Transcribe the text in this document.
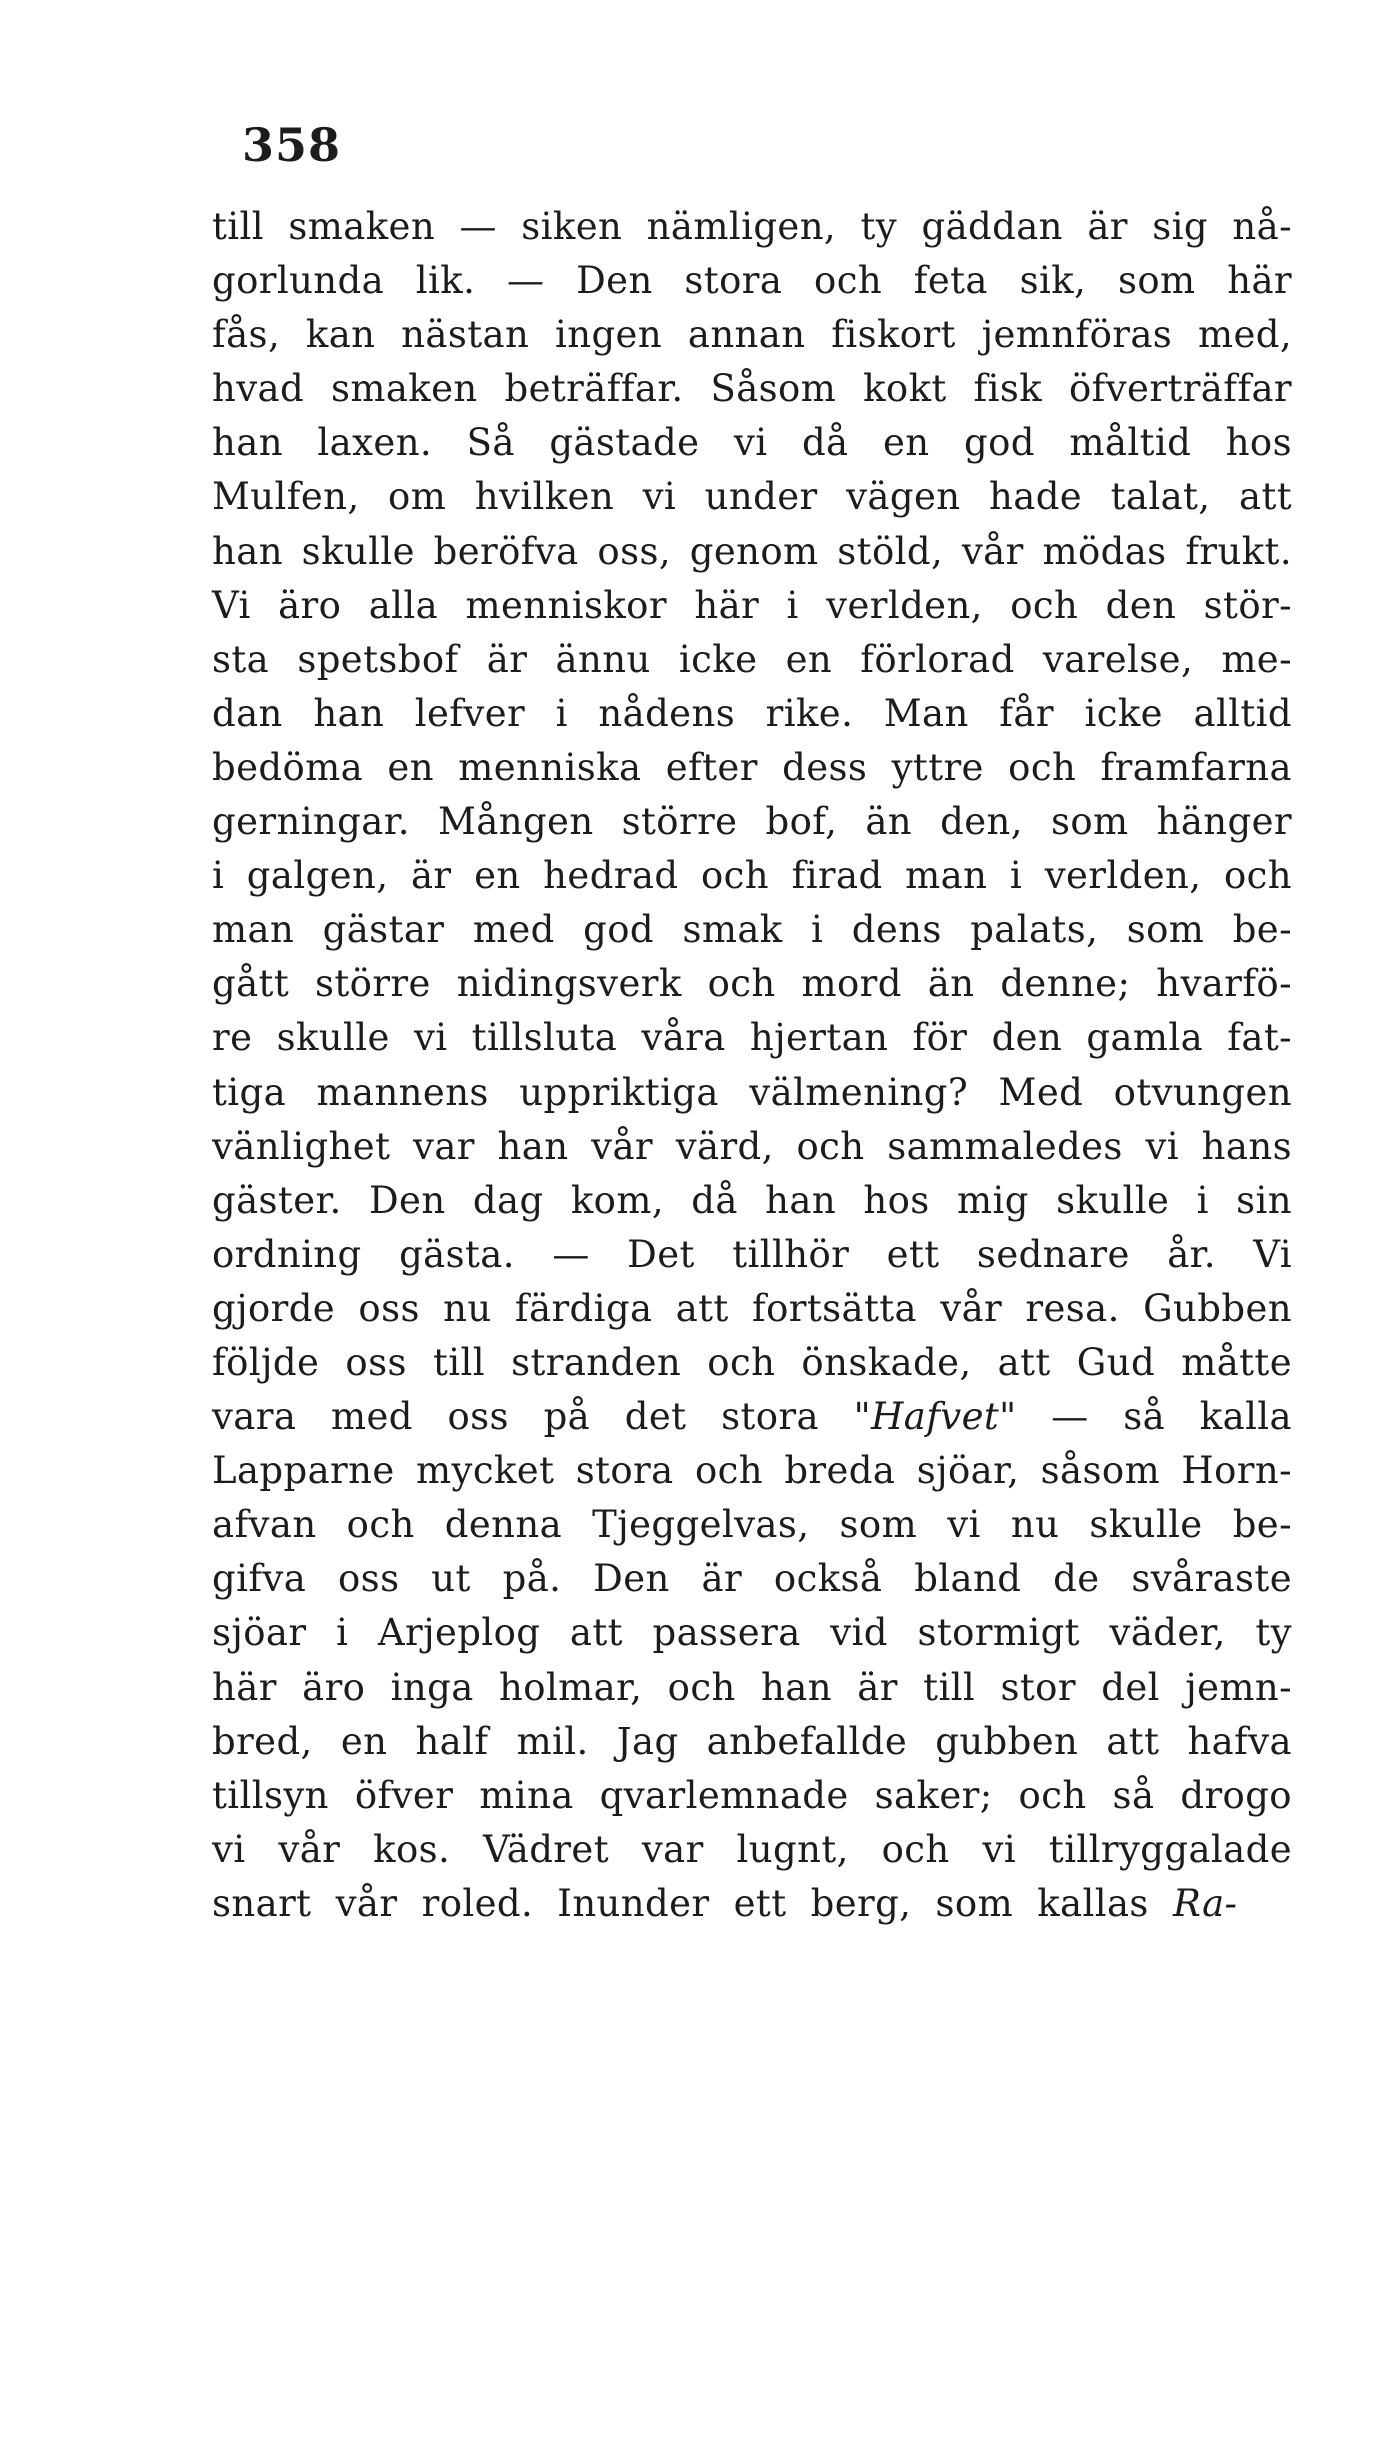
358
till smaken — siken nämligen, ty gäddan är sig nå-
gorlunda lik. — Den stora och feta sik, som här
fås, kan nästan ingen annan fiskort jemnföras med,
hvad smaken beträffar. Såsom kokt fisk öfverträffar
han laxen. Så gästade vi då en god måltid hos
Mulfen, om hvilken vi under vägen hade talat, att
han skulle beröfva oss, genom stöld, vår mödas frukt.
Vi äro alla menniskor här i verlden, och den stör-
sta spetsbof är ännu icke en förlorad varelse, me-
dan han lefver i nådens rike. Man får icke alltid
bedöma en menniska efter dess yttre och framfarna
gerningar. Mången större bof, än den, som hänger
i galgen, är en hedrad och firad man i verlden, och
man gästar med god smak i dens palats, som be-
gått större nidingsverk och mord än denne; hvarfö-
re skulle vi tillsluta våra hjertan för den gamla fat-
tiga mannens uppriktiga välmening? Med otvungen
vänlighet var han vår värd, och sammaledes vi hans
gäster. Den dag kom, då han hos mig skulle i sin
ordning gästa. — Det tillhör ett sednare år. Vi
gjorde oss nu färdiga att fortsätta vår resa. Gubben
följde oss till stranden och önskade, att Gud måtte
vara med oss på det stora "Hafvet" — så kalla
Lapparne mycket stora och breda sjöar, såsom Horn-
afvan och denna Tjeggelvas, som vi nu skulle be-
gifva oss ut på. Den är också bland de svåraste
sjöar i Arjeplog att passera vid stormigt väder, ty
här äro inga holmar, och han är till stor del jemn-
bred, en half mil. Jag anbefallde gubben att hafva
tillsyn öfver mina qvarlemnade saker; och så drogo
vi vår kos. Vädret var lugnt, och vi tillryggalade
snart vår roled. Inunder ett berg, som kallas Ra-
